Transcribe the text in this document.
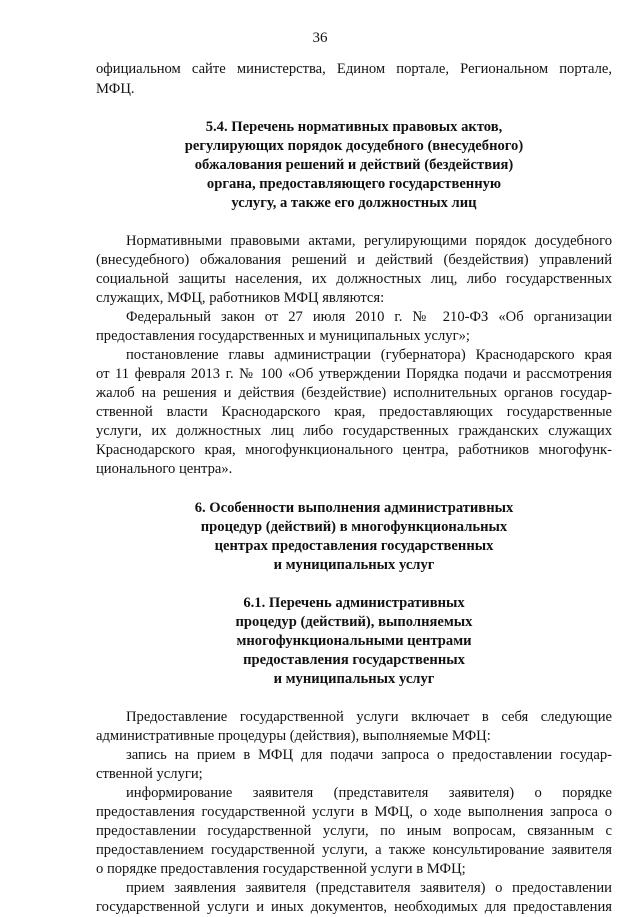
36
официальном сайте министерства, Едином портале, Региональном портале,
МФЦ.
5.4. Перечень нормативных правовых актов,
регулирующих порядок досудебного (внесудебного)
обжалования решений и действий (бездействия)
органа, предоставляющего государственную
услугу, а также его должностных лиц
Нормативными правовыми актами, регулирующими порядок досудебного
(внесудебного) обжалования решений и действий (бездействия) управлений
социальной защиты населения, их должностных лиц, либо государственных
служащих, МФЦ, работников МФЦ являются:
Федеральный закон от 27 июля 2010 г. № 210-ФЗ «Об организации
предоставления государственных и муниципальных услуг»;
постановление главы администрации (губернатора) Краснодарского края
от 11 февраля 2013 г. № 100 «Об утверждении Порядка подачи и рассмотрения
жалоб на решения и действия (бездействие) исполнительных органов государ-
ственной власти Краснодарского края, предоставляющих государственные
услуги, их должностных лиц либо государственных гражданских служащих
Краснодарского края, многофункционального центра, работников многофунк-
ционального центра».
6. Особенности выполнения административных
процедур (действий) в многофункциональных
центрах предоставления государственных
и муниципальных услуг
6.1. Перечень административных
процедур (действий), выполняемых
многофункциональными центрами
предоставления государственных
и муниципальных услуг
Предоставление государственной услуги включает в себя следующие
административные процедуры (действия), выполняемые МФЦ:
запись на прием в МФЦ для подачи запроса о предоставлении государ-
ственной услуги;
информирование заявителя (представителя заявителя) о порядке
предоставления государственной услуги в МФЦ, о ходе выполнения запроса о
предоставлении государственной услуги, по иным вопросам, связанным с
предоставлением государственной услуги, а также консультирование заявителя
о порядке предоставления государственной услуги в МФЦ;
прием заявления заявителя (представителя заявителя) о предоставлении
государственной услуги и иных документов, необходимых для предоставления
